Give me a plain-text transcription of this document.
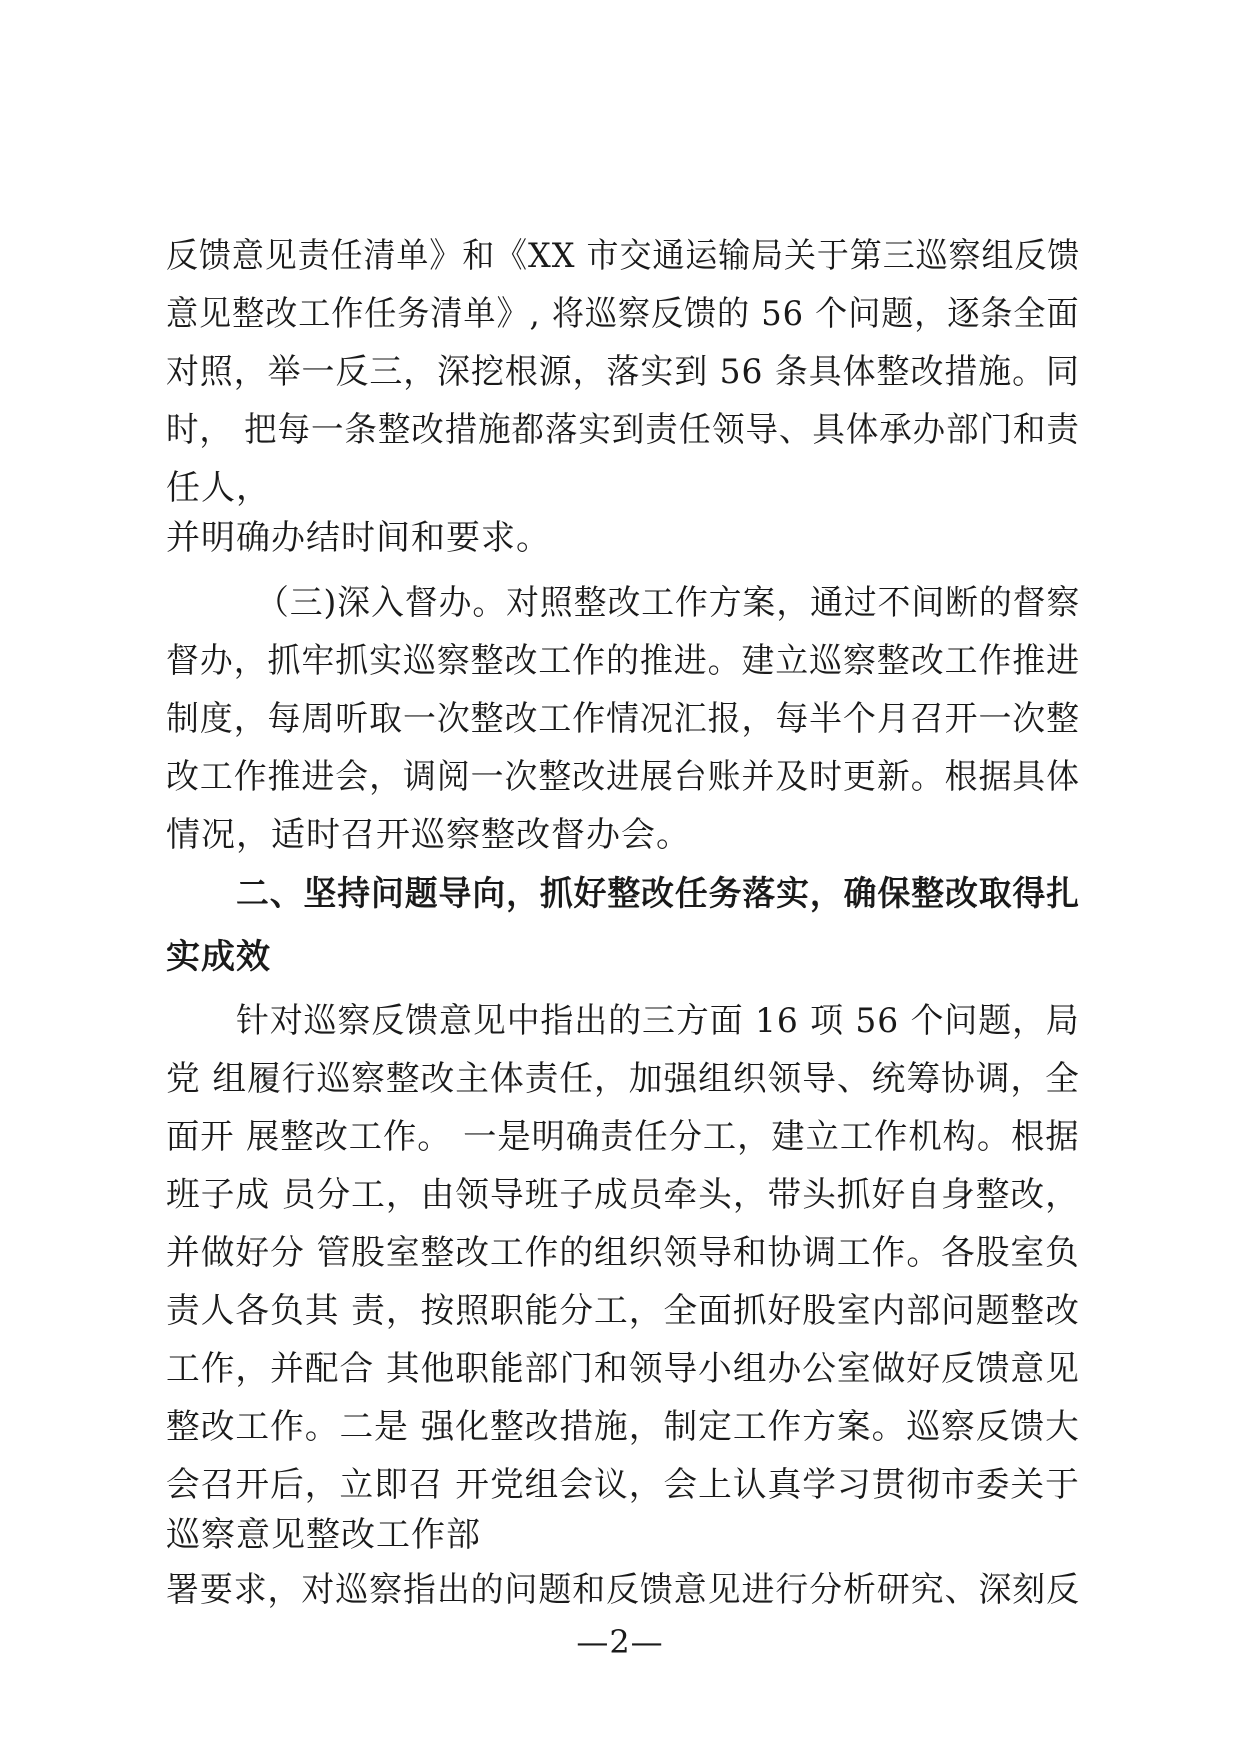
反馈意见责任清单》和《XX 市交通运输局关于第三巡察组反馈
意见整改工作任务清单》, 将巡察反馈的 56 个问题，逐条全面
对照，举一反三，深挖根源，落实到 56 条具体整改措施。同
时， 把每一条整改措施都落实到责任领导、具体承办部门和责
任人，
并明确办结时间和要求。
（三)深入督办。对照整改工作方案，通过不间断的督察
督办，抓牢抓实巡察整改工作的推进。建立巡察整改工作推进
制度，每周听取一次整改工作情况汇报，每半个月召开一次整
改工作推进会，调阅一次整改进展台账并及时更新。根据具体
情况，适时召开巡察整改督办会。
二、坚持问题导向，抓好整改任务落实，确保整改取得扎
实成效
针对巡察反馈意见中指出的三方面 16 项 56 个问题，局
党 组履行巡察整改主体责任，加强组织领导、统筹协调，全
面开 展整改工作。 一是明确责任分工，建立工作机构。根据
班子成 员分工，由领导班子成员牵头，带头抓好自身整改，
并做好分 管股室整改工作的组织领导和协调工作。各股室负
责人各负其 责，按照职能分工，全面抓好股室内部问题整改
工作，并配合 其他职能部门和领导小组办公室做好反馈意见
整改工作。二是 强化整改措施，制定工作方案。巡察反馈大
会召开后，立即召 开党组会议，会上认真学习贯彻市委关于
巡察意见整改工作部
署要求，对巡察指出的问题和反馈意见进行分析研究、深刻反
—2—
